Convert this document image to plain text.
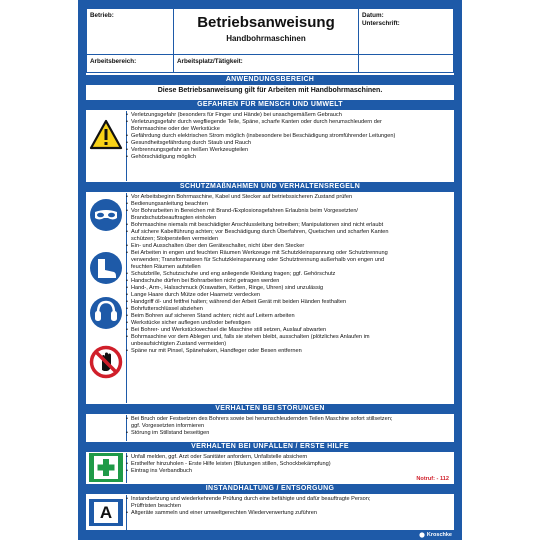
Betrieb:	Datum:
Unterschrift:
Betriebsanweisung
Handbohrmaschinen
Arbeitsbereich:	Arbeitsplatz/Tätigkeit:
ANWENDUNGSBEREICH
Diese Betriebsanweisung gilt für Arbeiten mit Handbohrmaschinen.
GEFAHREN FÜR MENSCH UND UMWELT
• Verletzungsgefahr (besonders für Finger und Hände) bei unsachgemäßem Gebrauch
• Verletzungsgefahr durch wegfliegende Teile, Späne, scharfe Kanten oder durch herumschleudern der
Bohrmaschine oder der Werkstücke
• Gefährdung durch elektrischen Strom möglich (insbesondere bei Beschädigung stromführender Leitungen)
• Gesundheitsgefährdung durch Staub und Rauch
• Verbrennungsgefahr an heißen Werkzeugteilen
• Gehörschädigung möglich
SCHUTZMAßNAHMEN UND VERHALTENSREGELN
• Vor Arbeitsbeginn Bohrmaschine, Kabel und Stecker auf betriebssicheren Zustand prüfen
• Bedienungsanleitung beachten
• Vor Bohrarbeiten in Bereichen mit Brand-/Explosionsgefahren Erlaubnis beim Vorgesetzten/
Brandschutzbeauftragten einholen
• Bohrmaschine niemals mit beschädigter Anschlussleitung betreiben; Manipulationen sind nicht erlaubt
• Auf sichere Kabelführung achten; vor Beschädigung durch Überfahren, Quetschen und scharfen Kanten
schützen; Stolperstellen vermeiden
• Ein- und Ausschalten über den Geräteschalter, nicht über den Stecker
• Bei Arbeiten in engen und feuchten Räumen Werkzeuge mit Schutzkleinspannung oder Schutztrennung
verwenden; Transformatoren für Schutzkleinspannung oder Schutztrennung außerhalb von engen und
feuchten Räumen aufstellen
• Schutzbrille, Schutzschuhe und eng anliegende Kleidung tragen; ggf. Gehörschutz
• Handschuhe dürfen bei Bohrarbeiten nicht getragen werden
• Hand-, Arm-, Halsschmuck (Krawatten, Ketten, Ringe, Uhren) sind unzulässig
• Lange Haare durch Mütze oder Haarnetz verdecken
• Handgriff öl- und fettfrei halten; während der Arbeit Gerät mit beiden Händen festhalten
• Bohrfutterschlüssel abziehen
• Beim Bohren auf sicheren Stand achten; nicht auf Leitern arbeiten
• Werkstücke sicher auflegen und/oder befestigen
• Bei Bohrer- und Werkstückwechsel die Maschine still setzen, Auslauf abwarten
• Bohrmaschine vor dem Ablegen und, falls sie stehen bleibt, ausschalten (plötzliches Anlaufen im
unbeaufsichtigten Zustand vermeiden)
• Späne nur mit Pinsel, Spänehaken, Handfeger oder Besen entfernen
VERHALTEN BEI STÖRUNGEN
• Bei Bruch oder Festsetzen des Bohrers sowie bei herumschleudernden Teilen Maschine sofort stillsetzen;
ggf. Vorgesetzten informieren
• Störung im Stillstand beseitigen
VERHALTEN BEI UNFÄLLEN / ERSTE HILFE
• Unfall melden, ggf. Arzt oder Sanitäter anfordern, Unfallstelle absichern
• Ersthelfer hinzuholen - Erste Hilfe leisten (Blutungen stillen, Schockbekämpfung)
• Eintrag ins Verbandbuch
Notruf: - 112
INSTANDHALTUNG / ENTSORGUNG
A
• Instandsetzung und wiederkehrende Prüfung durch eine befähigte und dafür beauftragte Person;
Prüffristen beachten
• Altgeräte sammeln und einer umweltgerechten Wiederverwertung zuführen
Kroschke
